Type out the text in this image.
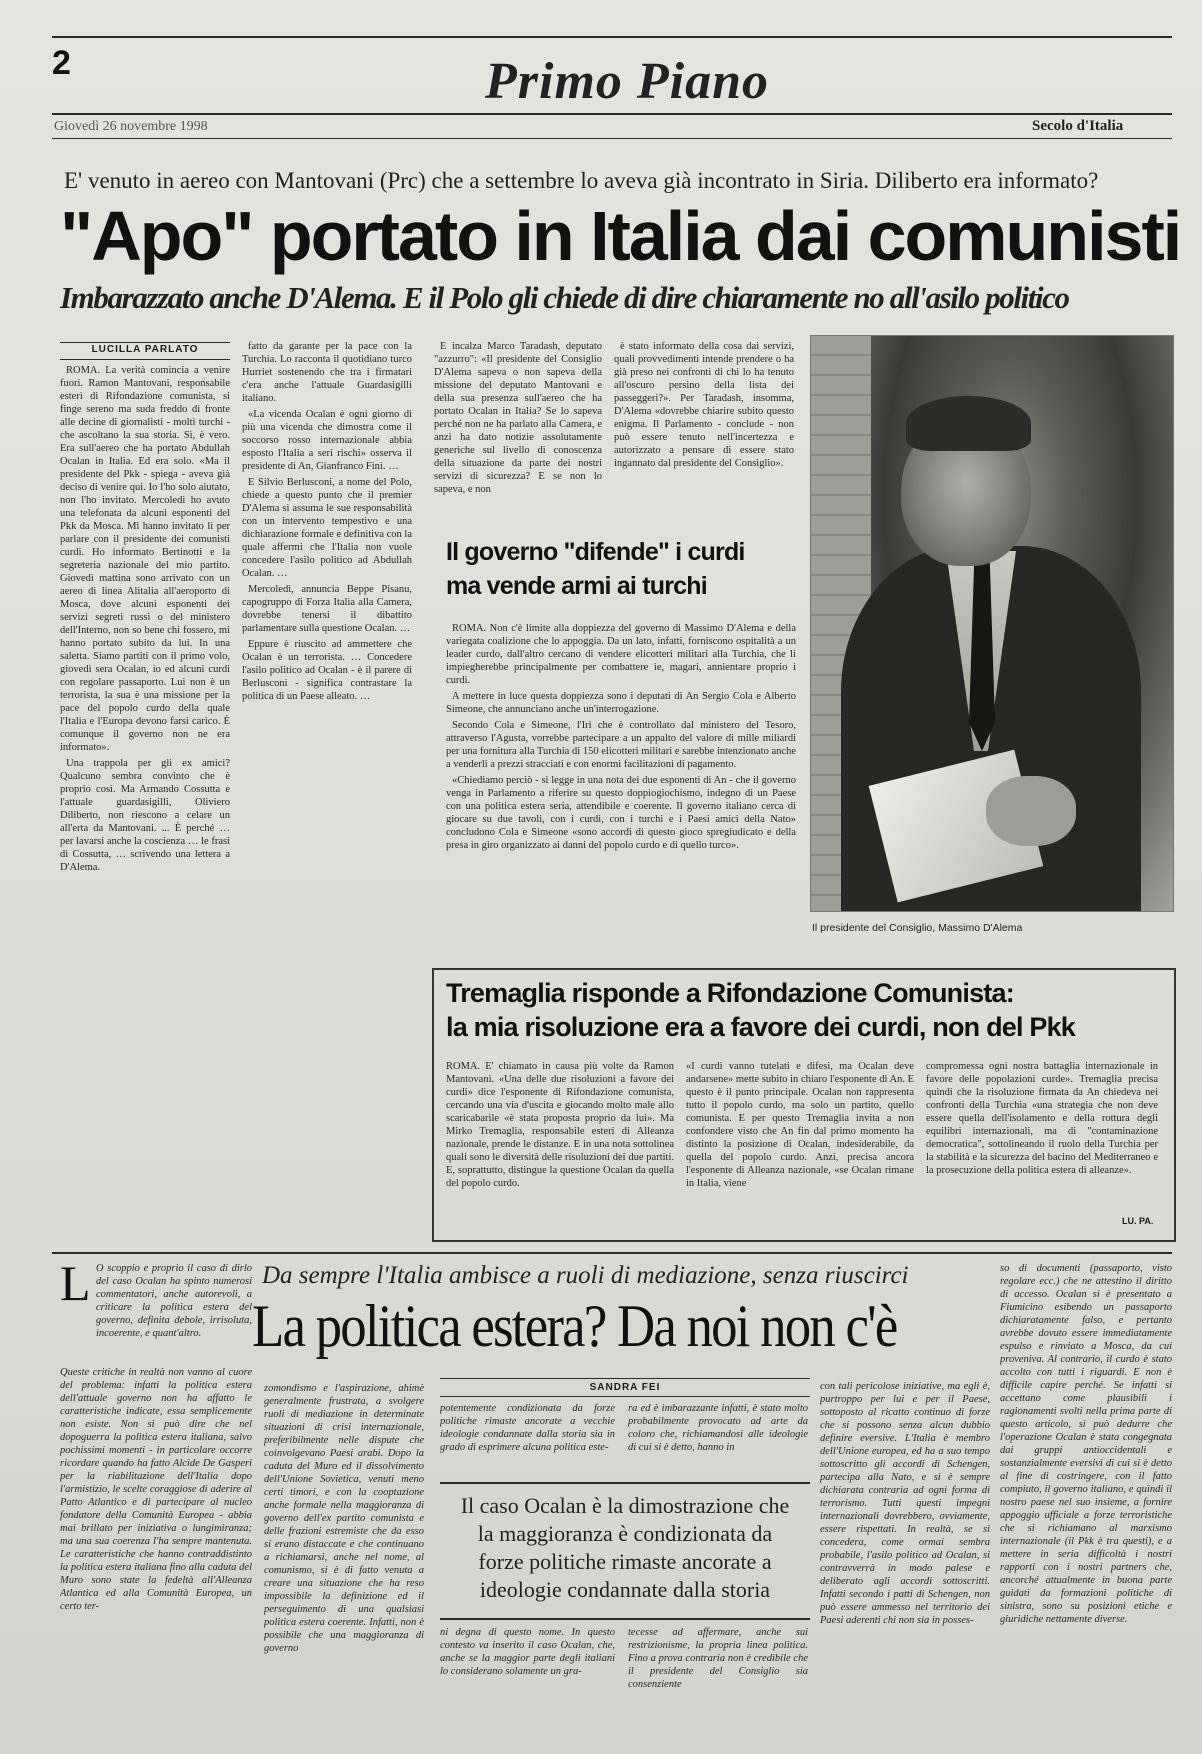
2	Primo Piano
Giovedì 26 novembre 1998	Secolo d'Italia
E' venuto in aereo con Mantovani (Prc) che a settembre lo aveva già incontrato in Siria. Diliberto era informato?
"Apo" portato in Italia dai comunisti
Imbarazzato anche D'Alema. E il Polo gli chiede di dire chiaramente no all'asilo politico
LUCILLA PARLATO

ROMA. La verità comincia a venire fuori. Ramon Mantovani, responsabile esteri di Rifondazione comunista, si finge sereno ma suda freddo di fronte alle decine di giornalisti - molti turchi - che ascoltano la sua storia. Sì, è vero. Era sull'aereo che ha portato Abdullah Ocalan in Italia. Ed era solo. «Ma il presidente del Pkk - spiega - aveva già deciso di venire qui. Io l'ho solo aiutato, non l'ho invitato. Mercoledì ho avuto una telefonata da alcuni esponenti del Pkk da Mosca. Mi hanno invitato lì per parlare con il presidente dei comunisti curdi. Ho informato Bertinotti e la segreteria nazionale del mio partito. Giovedì mattina sono arrivato con un aereo di linea Alitalia all'aeroporto di Mosca, dove alcuni esponenti dei servizi segreti russi o del ministero dell'Interno, non so bene chi fossero, mi hanno portato subito da lui. In una saletta. Siamo partiti con il primo volo, giovedì sera Ocalan, io ed alcuni curdi con regolare passaporto. Lui non è un terrorista, la sua è una missione per la pace del popolo curdo della quale l'Italia e l'Europa devono farsi carico. È comunque il governo non ne era informato».

Una trappola per gli ex amici? Qualcuno sembra convinto che è proprio così. Ma Armando Cossutta e l'attuale guardasigilli, Oliviero Diliberto, non riescono a celare un all'erta da Mantovani. ... È perché … per lavarsi anche la coscienza … le frasi di Cossutta, … scrivendo una lettera a D'Alema.

fatto da garante per la pace con la Turchia. Lo racconta il quotidiano turco Hurriet sostenendo che tra i firmatari c'era anche l'attuale Guardasigilli italiano.

«La vicenda Ocalan è ogni giorno di più una vicenda che dimostra come il soccorso rosso internazionale abbia esposto l'Italia a seri rischi» osserva il presidente di An, Gianfranco Fini. …

E Silvio Berlusconi, a nome del Polo, chiede a questo punto che il premier D'Alema si assuma le sue responsabilità con un intervento tempestivo e una dichiarazione formale e definitiva con la quale affermi che l'Italia non vuole concedere l'asilo politico ad Abdullah Ocalan. …

Mercoledì, annuncia Beppe Pisanu, capogruppo di Forza Italia alla Camera, dovrebbe tenersi il dibattito parlamentare sulla questione Ocalan. …

Eppure è riuscito ad ammettere che Ocalan è un terrorista. … Concedere l'asilo politico ad Ocalan - è il parere di Berlusconi - significa contrastare la politica di un Paese alleato. …

E incalza Marco Taradash, deputato "azzurro": «Il presidente del Consiglio D'Alema sapeva o non sapeva della missione del deputato Mantovani e della sua presenza sull'aereo che ha portato Ocalan in Italia? Se lo sapeva perché non ne ha parlato alla Camera, e anzi ha dato notizie assolutamente generiche sul livello di conoscenza della situazione da parte dei nostri servizi di sicurezza? E se non lo sapeva, e non

è stato informato della cosa dai servizi, quali provvedimenti intende prendere o ha già preso nei confronti di chi lo ha tenuto all'oscuro persino della lista dei passeggeri?». Per Taradash, insomma, D'Alema «dovrebbe chiarire subito questo enigma. Il Parlamento - conclude - non può essere tenuto nell'incertezza e autorizzato a pensare di essere stato ingannato dal presidente del Consiglio».

Il presidente del Consiglio, Massimo D'Alema
Il governo "difende" i curdi
ma vende armi ai turchi

ROMA. Non c'è limite alla doppiezza del governo di Massimo D'Alema e della variegata coalizione che lo appoggia. Da un lato, infatti, forniscono ospitalità a un leader curdo, dall'altro cercano di vendere elicotteri militari alla Turchia, che li impiegherebbe principalmente per combattere ie, magari, annientare proprio i curdi.

A mettere in luce questa doppiezza sono i deputati di An Sergio Cola e Alberto Simeone, che annunciano anche un'interrogazione.

Secondo Cola e Simeone, l'Iri che è controllato dal ministero del Tesoro, attraverso l'Agusta, vorrebbe partecipare a un appalto del valore di mille miliardi per una fornitura alla Turchia di 150 elicotteri militari e sarebbe intenzionato anche a venderli a prezzi stracciati e con enormi facilitazioni di pagamento.

«Chiediamo perciò - si legge in una nota dei due esponenti di An - che il governo venga in Parlamento a riferire su questo doppiogiochismo, indegno di un Paese con una politica estera seria, attendibile e coerente. Il governo italiano cerca di giocare su due tavoli, con i curdi, con i turchi e i Paesi amici della Nato» concludono Cola e Simeone «sono accordi di questo gioco spregiudicato e della presa in giro organizzato ai danni del popolo curdo e di quello turco».

Tremaglia risponde a Rifondazione Comunista:
la mia risoluzione era a favore dei curdi, non del Pkk
ROMA. E' chiamato in causa più volte da Ramon Mantovani. «Una delle due risoluzioni a favore dei curdi» dice l'esponente di Rifondazione comunista, cercando una via d'uscita e giocando molto male allo scaricabarile «è stata proposta proprio da lui». Ma Mirko Tremaglia, responsabile esteri di Alleanza nazionale, prende le distanze. E in una nota sottolinea quali sono le diversità delle risoluzioni dei due partiti. E, soprattutto, distingue la questione Ocalan da quella del popolo curdo.
«I curdi vanno tutelati e difesi, ma Ocalan deve andarsene» mette subito in chiaro l'esponente di An. E questo è il punto principale. Ocalan non rappresenta tutto il popolo curdo, ma solo un partito, quello comunista. E per questo Tremaglia invita a non confondere visto che An fin dal primo momento ha distinto la posizione di Ocalan, indesiderabile, da quella del popolo curdo. Anzi, precisa ancora l'esponente di Alleanza nazionale, «se Ocalan rimane in Italia, viene
compromessa ogni nostra battaglia internazionale in favore delle popolazioni curde». Tremaglia precisa quindi che la risoluzione firmata da An chiedeva nei confronti della Turchia «una strategia che non deve essere quella dell'isolamento e della rottura degli equilibri internazionali, ma di "contaminazione democratica", sottolineando il ruolo della Turchia per la stabilità e la sicurezza del bacino del Mediterraneo e la prosecuzione della politica estera di alleanze».
LU. PA.
L O scoppio e proprio il caso di dirlo del caso Ocalan ha spinto numerosi commentatori, anche autorevoli, a criticare la politica estera del governo, definita debole, irrisoluta, incoerente, e quant'altro.
Queste critiche in realtà non vanno al cuore del problema: infatti la politica estera dell'attuale governo non ha affatto le caratteristiche indicate, essa semplicemente non esiste. Non si può dire che nel dopoguerra la politica estera italiana, salvo pochissimi momenti - in particolare occorre ricordare quando ha fatto Alcide De Gasperi per la riabilitazione dell'Italia dopo l'armistizio, le scelte coraggiose di aderire al Patto Atlantico e di partecipare al nucleo fondatore della Comunità Europea - abbia mai brillato per iniziativa o lungimiranza; ma una sua coerenza l'ha sempre mantenuta. Le caratteristiche che hanno contraddistinto la politica estera italiana fino alla caduta del Muro sono state la fedeltà all'Alleanza Atlantica ed alla Comunità Europea, un certo ter-
Da sempre l'Italia ambisce a ruoli di mediazione, senza riuscirci
La politica estera? Da noi non c'è
zomondismo e l'aspirazione, ahimè generalmente frustrata, a svolgere ruoli di mediazione in determinate situazioni di crisi internazionale, preferibilmente nelle dispute che coinvolgevano Paesi arabi. Dopo la caduta del Muro ed il dissolvimento dell'Unione Sovietica, venuti meno certi timori, e con la cooptazione anche formale nella maggioranza di governo dell'ex partito comunista e delle frazioni estremiste che da esso si erano distaccate e che continuano a richiamarsi, anche nel nome, al comunismo, si è di fatto venuta a creare una situazione che ha reso impossibile la definizione ed il perseguimento di una qualsiasi politica estera coerente. Infatti, non è possibile che una maggioranza di governo
SANDRA FEI
potentemente condizionata da forze politiche rimaste ancorate a vecchie ideologie condannate dalla storia sia in grado di esprimere alcuna politica este-
ra ed è imbarazzante infatti, è stato molto probabilmente provocato ad arte da coloro che, richiamandosi alle ideologie di cui si è detto, hanno in
Il caso Ocalan è la dimostrazione che la maggioranza è condizionata da forze politiche rimaste ancorate a ideologie condannate dalla storia
ni degna di questo nome. In questo contesto va inserito il caso Ocalan, che, anche se la maggior parte degli italiani lo considerano solamente un gra-
tecesse ad affermare, anche sui restrizionisme, la propria linea politica. Fino a prova contraria non è credibile che il presidente del Consiglio sia consenziente
con tali pericolose iniziative, ma egli è, purtroppo per lui e per il Paese, sottoposto al ricatto continuo di forze che si possono senza alcun dubbio definire eversive. L'Italia è membro dell'Unione europea, ed ha a suo tempo sottoscritto gli accordi di Schengen, partecipa alla Nato, e si è sempre dichiarata contraria ad ogni forma di terrorismo. Tutti questi impegni internazionali dovrebbero, ovviamente, essere rispettati. In realtà, se si concedera, come ormai sembra probabile, l'asilo politico ad Ocalan, si contravverrà in modo palese e deliberato agli accordi sottoscritti. Infatti secondo i patti di Schengen, non può essere ammesso nel territorio dei Paesi aderenti chi non sia in posses-
so di documenti (passaporto, visto regolare ecc.) che ne attestino il diritto di accesso. Ocalan si è presentato a Fiumicino esibendo un passaporto dichiaratamente falso, e pertanto avrebbe dovuto essere immediatamente espulso e rinviato a Mosca, da cui proveniva. Al contrario, il curdo è stato accolto con tutti i riguardi. E non è difficile capire perché. Se infatti si accettano come plausibili i ragionamenti svolti nella prima parte di questo articolo, si può dedurre che l'operazione Ocalan è stata congegnata dai gruppi antioccidentali e sostanzialmente eversivi di cui si è detto al fine di costringere, con il fatto compiuto, il governo italiano, e quindi il nostro paese nel suo insieme, a fornire appoggio ufficiale a forze terroristiche che si richiamano al marxismo internazionale (il Pkk è tra questi), e a mettere in seria difficoltà i nostri rapporti con i nostri partners che, ancorché attualmente in buona parte guidati da formazioni politiche di sinistra, sono su posizioni etiche e giuridiche nettamente diverse.
